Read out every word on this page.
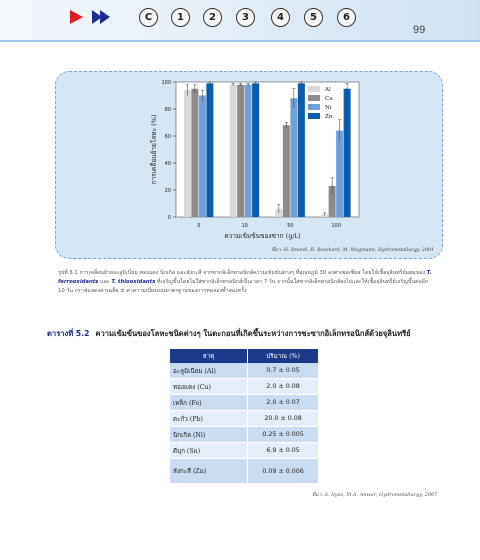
C	1	2	3	4	5	6
99
0
20
40
60
80
100
5	10	50	100
Al
Cu
Ni
Zn
การเคลื่อนย้ายโลหะ (%)
ความเข้มข้นของซาก (g/L)
ที่มา: H. Brandl, R. Bosshard, M. Wegmann, Hydrometallurgy, 2001
รูปที่ 5.1 การเคลื่อนย้ายอะลูมิเนียม ทองแดง นิกเกิล และสังกะสี จากซากอิเล็กทรอนิกส์ความเข้มข้นต่างๆ ที่อุณหภูมิ 30 องศาเซลเซียส โดยใช้เชื้อจุลินทรีย์ผสมของ T. ferrooxidants และ T. thiooxidants ที่เจริญขึ้นโดยไม่ใส่ซากอิเล็กทรอนิกส์เป็นเวลา 7 วัน จากนั้นใส่ซากอิเล็กทรอนิกส์ลงไปและให้เชื้อจุลินทรีย์เจริญขึ้นต่ออีก 10 วัน กราฟแสดงค่าเฉลี่ย ± ค่าความเบี่ยงเบนมาตรฐานของการทดลองซ้ำสองครั้ง
ตารางที่ 5.2 ความเข้มข้นของโลหะชนิดต่างๆ ในตะกอนที่เกิดขึ้นระหว่างการชะซากอิเล็กทรอนิกส์ด้วยจุลินทรีย์
ธาตุ	ปริมาณ (%)
อะลูมิเนียม (Al)	0.7 ± 0.05
ทองแดง (Cu)	2.0 ± 0.08
เหล็ก (Fe)	2.0 ± 0.07
ตะกั่ว (Pb)	20.0 ± 0.08
นิกเกิล (Ni)	0.25 ± 0.005
ดีบุก (Sn)	6.9 ± 0.05
สังกะสี (Zn)	0.09 ± 0.006
ที่มา: S. Ilyas, M.A. Anwar, Hydrometallurgy, 2007
